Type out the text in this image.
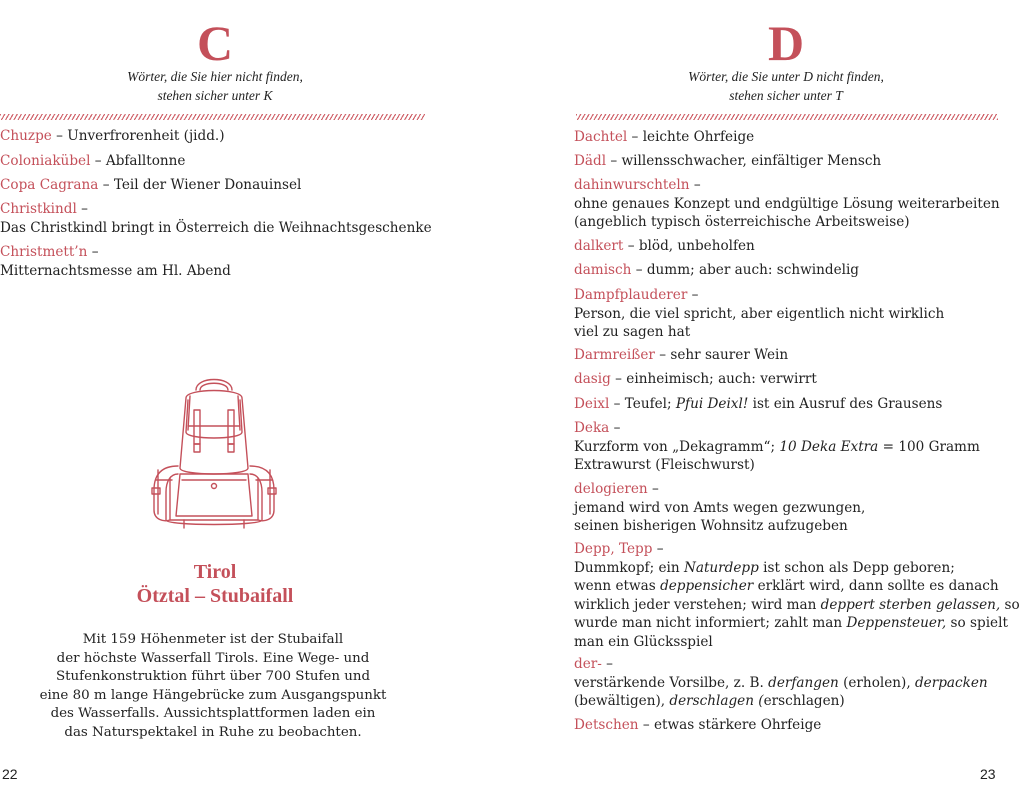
C
Wörter, die Sie hier nicht finden,
stehen sicher unter K
Chuzpe – Unverfrorenheit (jidd.)
Coloniakübel – Abfalltonne
Copa Cagrana – Teil der Wiener Donauinsel
Christkindl –
Das Christkindl bringt in Österreich die Weihnachtsgeschenke
Christmett’n –
Mitternachtsmesse am Hl. Abend
Tirol
Ötztal – Stubaifall
Mit 159 Höhenmeter ist der Stubaifall
der höchste Wasserfall Tirols. Eine Wege- und
Stufenkonstruktion führt über 700 Stufen und
eine 80 m lange Hängebrücke zum Ausgangspunkt
des Wasserfalls. Aussichtsplattformen laden ein
das Naturspektakel in Ruhe zu beobachten.
22
D
Wörter, die Sie unter D nicht finden,
stehen sicher unter T
Dachtel – leichte Ohrfeige
Dädl – willensschwacher, einfältiger Mensch
dahinwurschteln –
ohne genaues Konzept und endgültige Lösung weiterarbeiten
(angeblich typisch österreichische Arbeitsweise)
dalkert – blöd, unbeholfen
damisch – dumm; aber auch: schwindelig
Dampfplauderer –
Person, die viel spricht, aber eigentlich nicht wirklich
viel zu sagen hat
Darmreißer – sehr saurer Wein
dasig – einheimisch; auch: verwirrt
Deixl – Teufel; Pfui Deixl! ist ein Ausruf des Grausens
Deka –
Kurzform von „Dekagramm“; 10 Deka Extra = 100 Gramm
Extrawurst (Fleischwurst)
delogieren –
jemand wird von Amts wegen gezwungen,
seinen bisherigen Wohnsitz aufzugeben
Depp, Tepp –
Dummkopf; ein Naturdepp ist schon als Depp geboren;
wenn etwas deppensicher erklärt wird, dann sollte es danach
wirklich jeder verstehen; wird man deppert sterben gelassen, so
wurde man nicht informiert; zahlt man Deppensteuer, so spielt
man ein Glücksspiel
der- –
verstärkende Vorsilbe, z. B. derfangen (erholen), derpacken
(bewältigen), derschlagen (erschlagen)
Detschen – etwas stärkere Ohrfeige
23
